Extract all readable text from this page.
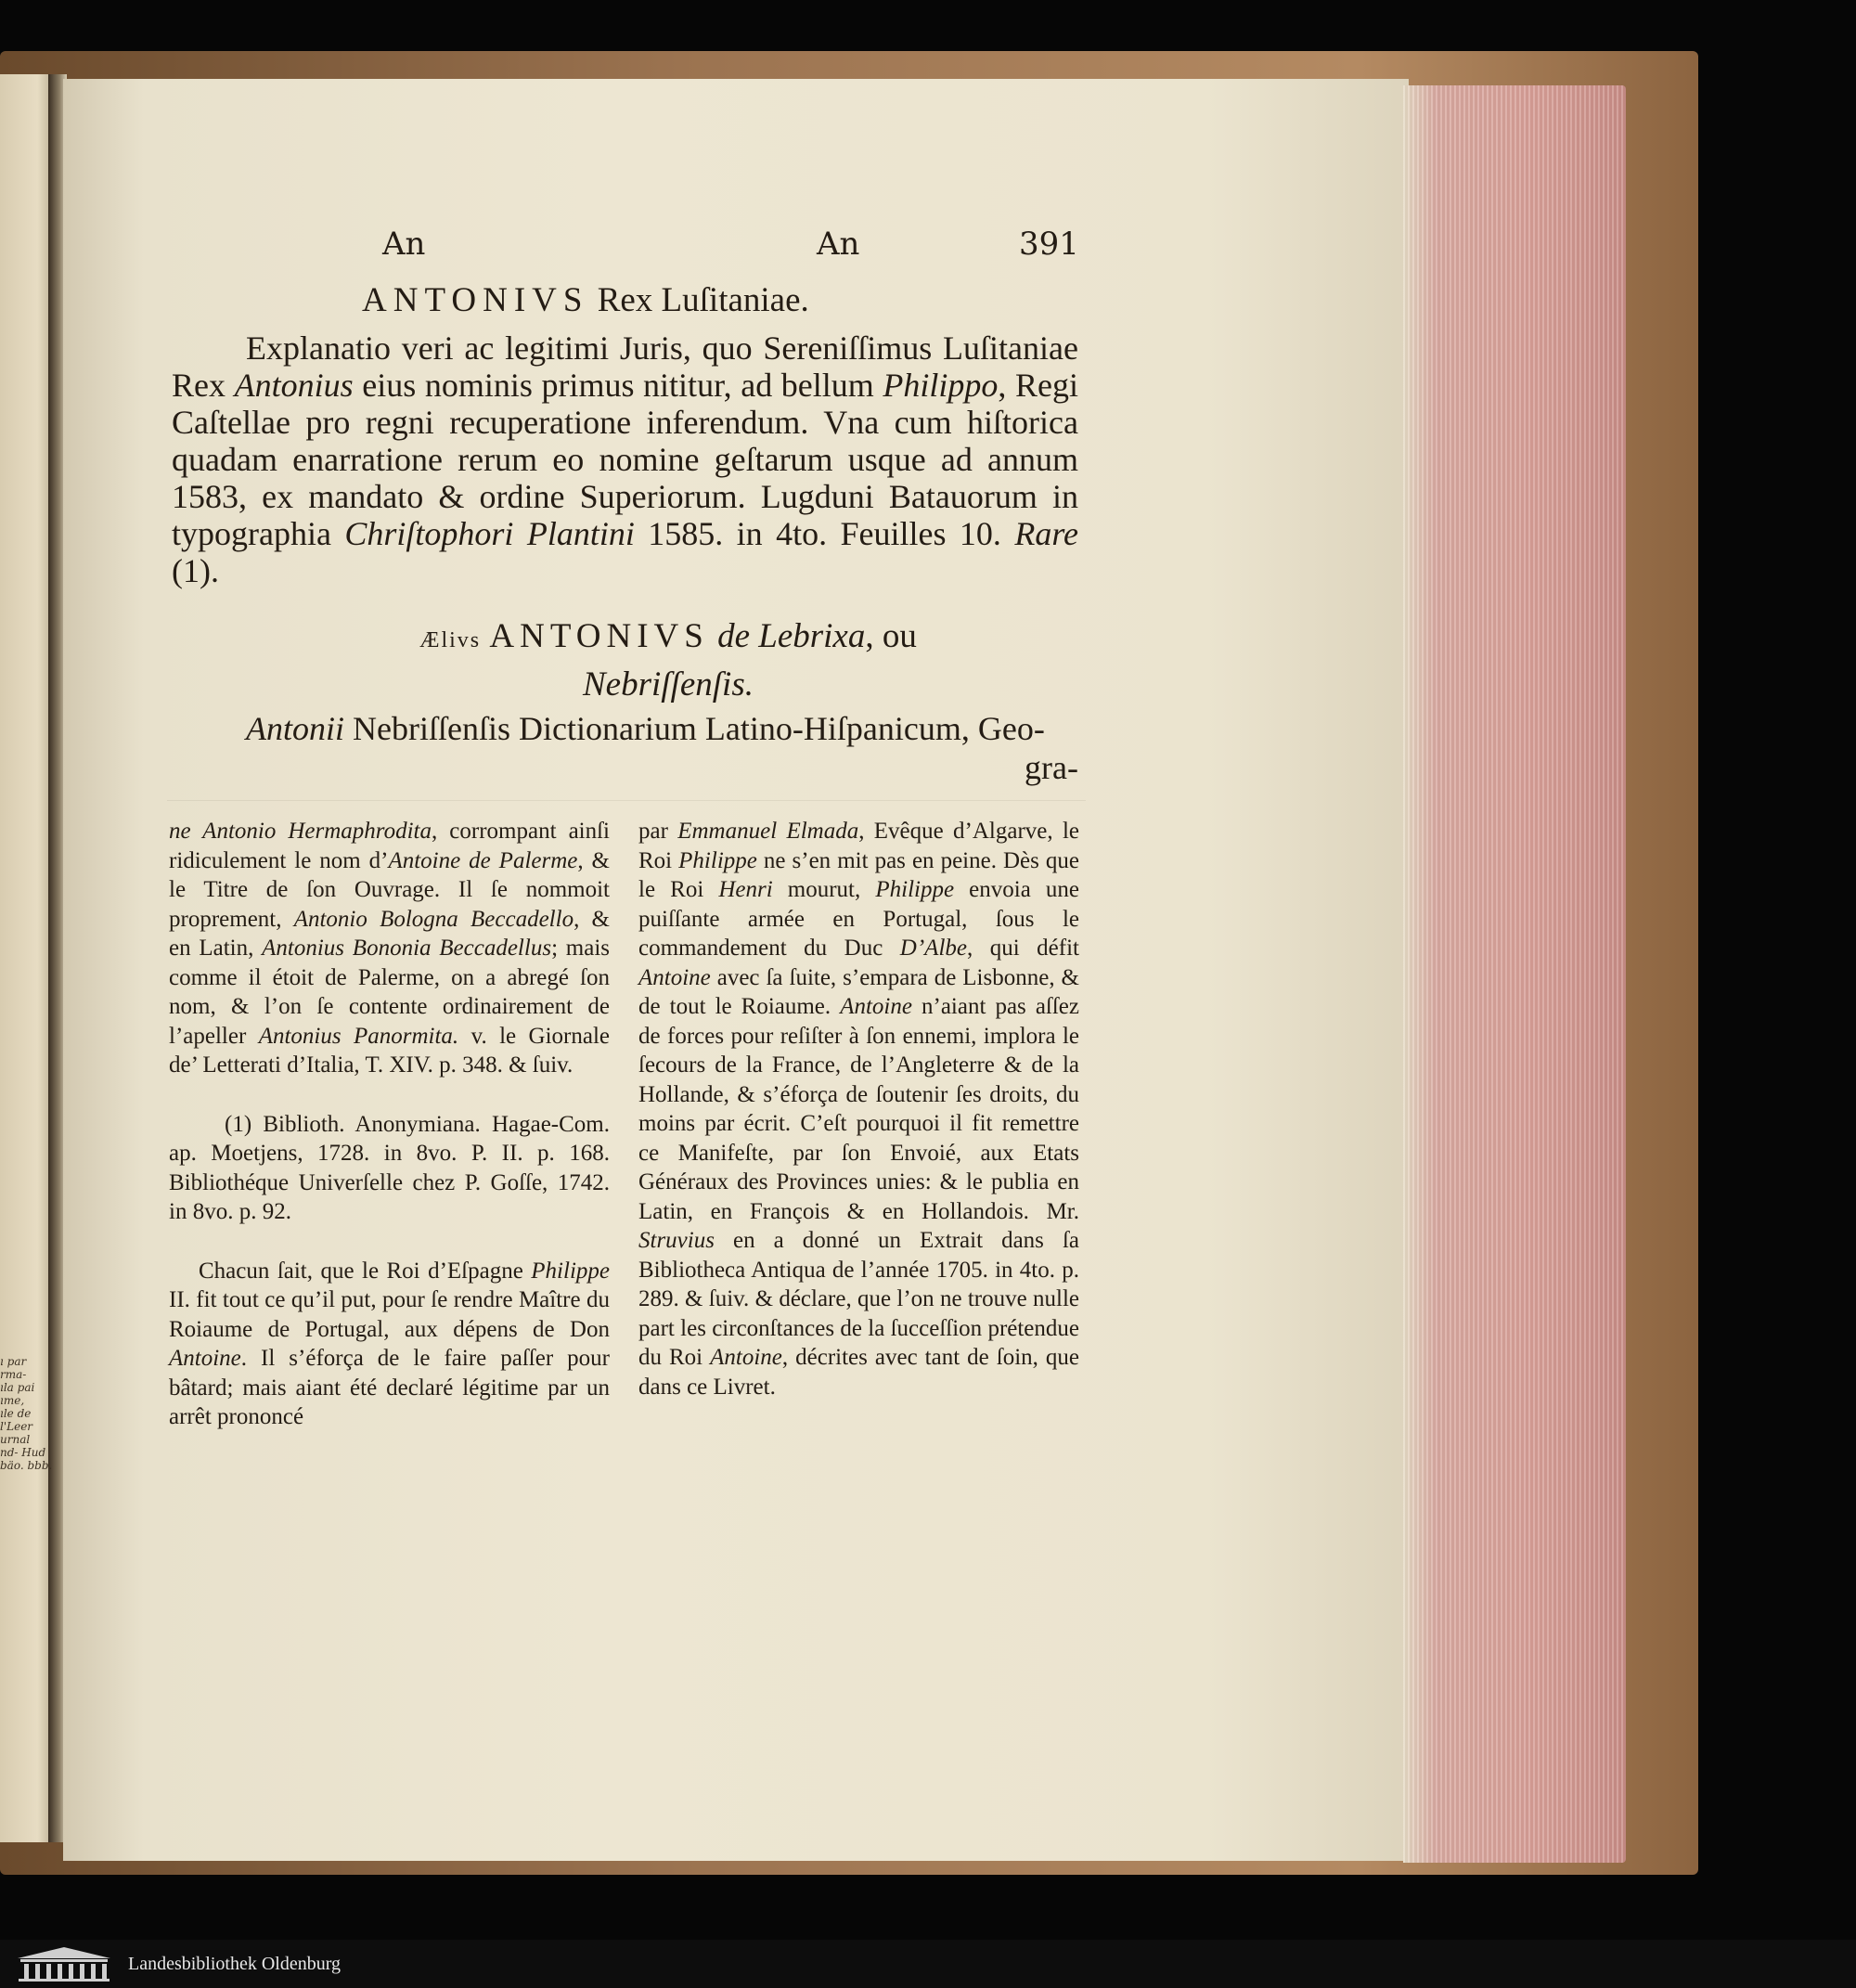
ı par
rma-
ıla pai
ıme,
ıle de
l'Leer
urnal
nd- Hud
bäo. bbb.
An	An	391
ANTONIVS Rex Luſitaniae.

Explanatio veri ac legitimi Juris, quo Sereniſſimus Luſitaniae Rex Antonius eius nominis primus nititur, ad bellum Philippo, Regi Caſtellae pro regni recuperatione inferendum. Vna cum hiſtorica quadam enarratione rerum eo nomine geſtarum usque ad annum 1583, ex mandato & ordine Superiorum. Lugduni Batauorum in typographia Chriſtophori Plantini 1585. in 4to. Feuilles 10. Rare (1).

Ælivs ANTONIVS de Lebrixa, ou
Nebriſſenſis.

Antonii Nebriſſenſis Dictionarium Latino-Hiſpanicum, Geo-
gra-

ne Antonio Hermaphrodita, corrompant ainſi ridiculement le nom d’Antoine de Palerme, & le Titre de ſon Ouvrage. Il ſe nommoit proprement, Antonio Bologna Beccadello, & en Latin, Antonius Bononia Beccadellus; mais comme il étoit de Palerme, on a abregé ſon nom, & l’on ſe contente ordinairement de l’apeller Antonius Panormita. v. le Giornale de’ Letterati d’Italia, T. XIV. p. 348. & ſuiv.

(1) Biblioth. Anonymiana. Hagae-Com. ap. Moetjens, 1728. in 8vo. P. II. p. 168. Bibliothéque Univerſelle chez P. Goſſe, 1742. in 8vo. p. 92.

Chacun ſait, que le Roi d’Eſpagne Philippe II. fit tout ce qu’il put, pour ſe rendre Maître du Roiaume de Portugal, aux dépens de Don Antoine. Il s’éforça de le faire paſſer pour bâtard; mais aiant été declaré légitime par un arrêt prononcé

par Emmanuel Elmada, Evêque d’Algarve, le Roi Philippe ne s’en mit pas en peine. Dès que le Roi Henri mourut, Philippe envoia une puiſſante armée en Portugal, ſous le commandement du Duc D’Albe, qui défit Antoine avec ſa ſuite, s’empara de Lisbonne, & de tout le Roiaume. Antoine n’aiant pas aſſez de forces pour reſiſter à ſon ennemi, implora le ſecours de la France, de l’Angleterre & de la Hollande, & s’éforça de ſoutenir ſes droits, du moins par écrit. C’eſt pourquoi il fit remettre ce Manifeſte, par ſon Envoié, aux Etats Généraux des Provinces unies: & le publia en Latin, en François & en Hollandois. Mr. Struvius en a donné un Extrait dans ſa Bibliotheca Antiqua de l’année 1705. in 4to. p. 289. & ſuiv. & déclare, que l’on ne trouve nulle part les circonſtances de la ſucceſſion prétendue du Roi Antoine, décrites avec tant de ſoin, que dans ce Livret.

Landesbibliothek Oldenburg
